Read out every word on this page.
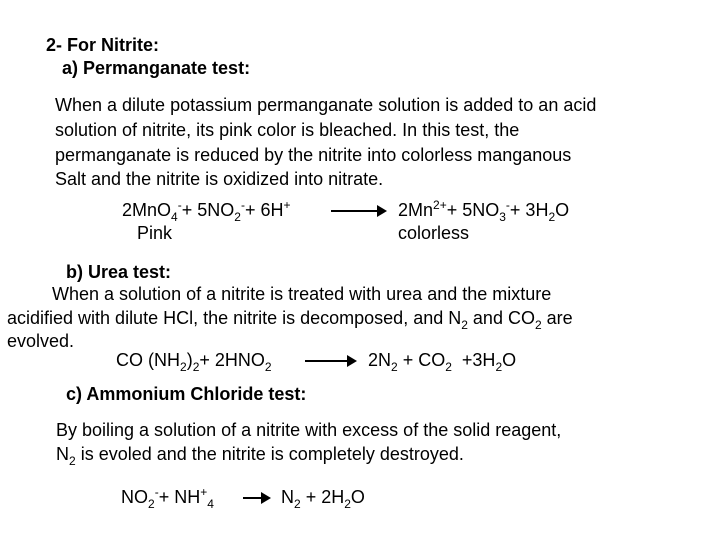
2- For Nitrite:
a) Permanganate test:
When a dilute potassium permanganate solution is added to an acid
solution of nitrite, its pink color is bleached. In this test, the
permanganate is reduced by the nitrite into colorless manganous
Salt and the nitrite is oxidized into nitrate.
$2MnO_4^-+ 5NO_2^-+ 6H^+$	$2Mn^{2+}+ 5NO_3^-+ 3H_2O$
Pink	colorless
b) Urea test:
When a solution of a nitrite is treated with urea and the mixture
acidified with dilute HCl, the nitrite is decomposed, and $N_2$ and $CO_2$ are
evolved.
CO $(NH_2)_2+ 2HNO_2$	$2N_2 + CO_2 +3H_2O$
c) Ammonium Chloride test:
By boiling a solution of a nitrite with excess of the solid reagent,
$N_2$ is evoled and the nitrite is completely destroyed.
$NO_2^-+ NH^+_4$	$N_2 + 2H_2O$
